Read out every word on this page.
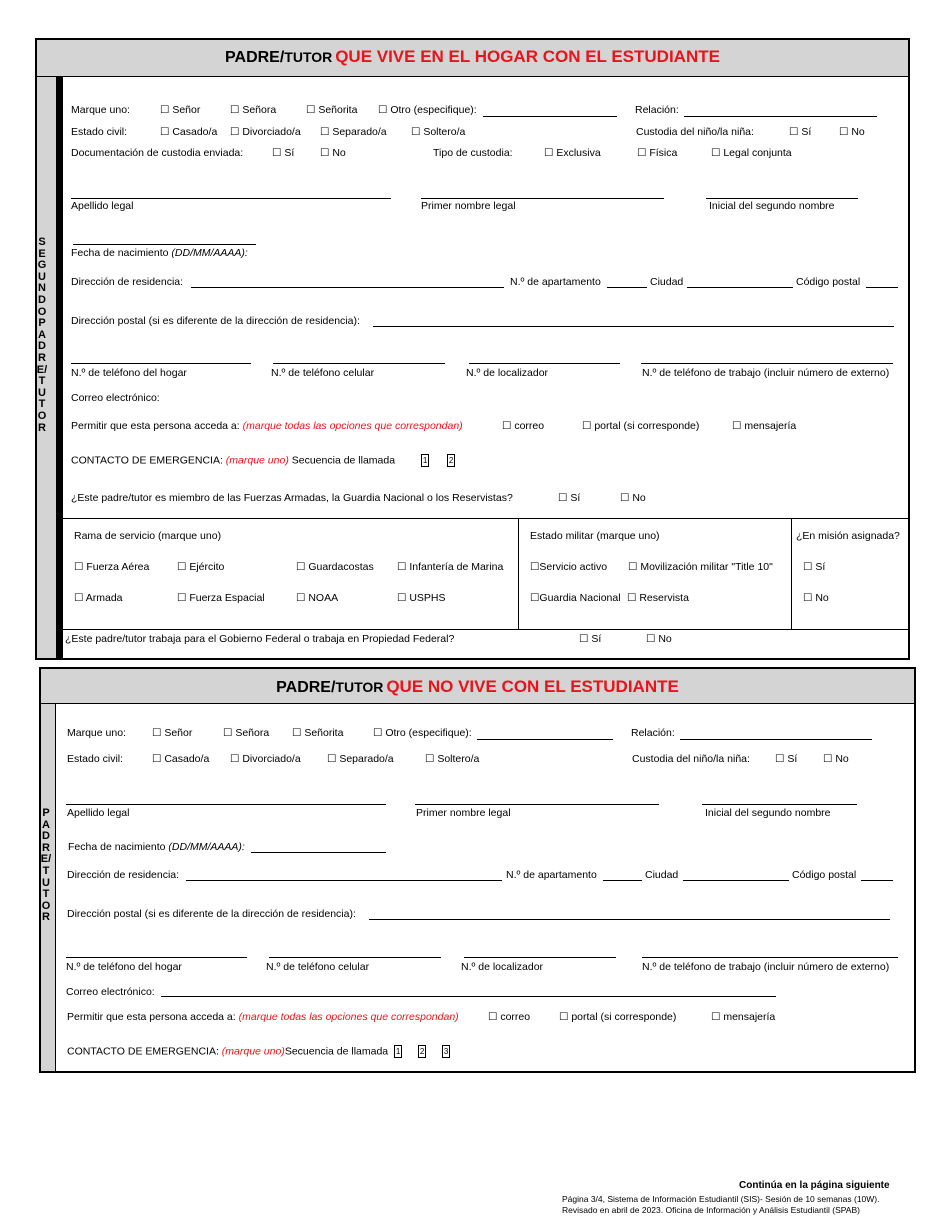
PADRE/TUTOR QUE VIVE EN EL HOGAR CON EL ESTUDIANTE
S
E
G
U
N
D
O
P
A
D
R
E/
T
U
T
O
R
Marque uno:	☐ Señor	☐ Señora	☐ Señorita ☐ Otro (especifique):	Relación:
Estado civil:	☐ Casado/a ☐ Divorciado/a ☐ Separado/a ☐ Soltero/a	Custodia del niño/la niña:	☐ Sí	☐ No
Documentación de custodia enviada:	☐ Sí ☐ No	Tipo de custodia:	☐ Exclusiva	☐ Física	☐ Legal conjunta
Apellido legal	Primer nombre legal	Inicial del segundo nombre
Fecha de nacimiento (DD/MM/AAAA):
Dirección de residencia:	N.º de apartamento	Ciudad	Código postal
Dirección postal (si es diferente de la dirección de residencia):
N.º de teléfono del hogar	N.º de teléfono celular	N.º de localizador	N.º de teléfono de trabajo (incluir número de externo)
Correo electrónico:
Permitir que esta persona acceda a: (marque todas las opciones que correspondan)	☐ correo	☐ portal (si corresponde)	☐ mensajería
CONTACTO DE EMERGENCIA: (marque uno) Secuencia de llamada	1	2
¿Este padre/tutor es miembro de las Fuerzas Armadas, la Guardia Nacional o los Reservistas?	☐ Sí	☐ No
Rama de servicio (marque uno)	Estado militar (marque uno)	¿En misión asignada?
☐ Fuerza Aérea	☐ Ejército	☐ Guardacostas ☐ Infantería de Marina	☐Servicio activo ☐ Movilización militar "Title 10"	☐ Sí
☐ Armada	☐ Fuerza Espacial	☐ NOAA	☐ USPHS	☐Guardia Nacional ☐ Reservista	☐ No
¿Este padre/tutor trabaja para el Gobierno Federal o trabaja en Propiedad Federal?	☐ Sí	☐ No
PADRE/TUTOR QUE NO VIVE CON EL ESTUDIANTE
P
A
D
R
E/
T
U
T
O
R
Marque uno: ☐ Señor	☐ Señora ☐ Señorita	☐ Otro (especifique):	Relación:
Estado civil:	☐ Casado/a ☐ Divorciado/a	☐ Separado/a	☐ Soltero/a	Custodia del niño/la niña: ☐ Sí ☐ No
Apellido legal	Primer nombre legal	Inicial del segundo nombre
Fecha de nacimiento (DD/MM/AAAA):
Dirección de residencia:	N.º de apartamento	Ciudad	Código postal
Dirección postal (si es diferente de la dirección de residencia):
N.º de teléfono del hogar	N.º de teléfono celular	N.º de localizador	N.º de teléfono de trabajo (incluir número de externo)
Correo electrónico:
Permitir que esta persona acceda a: (marque todas las opciones que correspondan)	☐ correo	☐ portal (si corresponde)	☐ mensajería
CONTACTO DE EMERGENCIA: (marque uno)Secuencia de llamada 1 2 3
Continúa en la página siguiente
Página 3/4, Sistema de Información Estudiantil (SIS)- Sesión de 10 semanas (10W).
Revisado en abril de 2023. Oficina de Información y Análisis Estudiantil (SPAB)
